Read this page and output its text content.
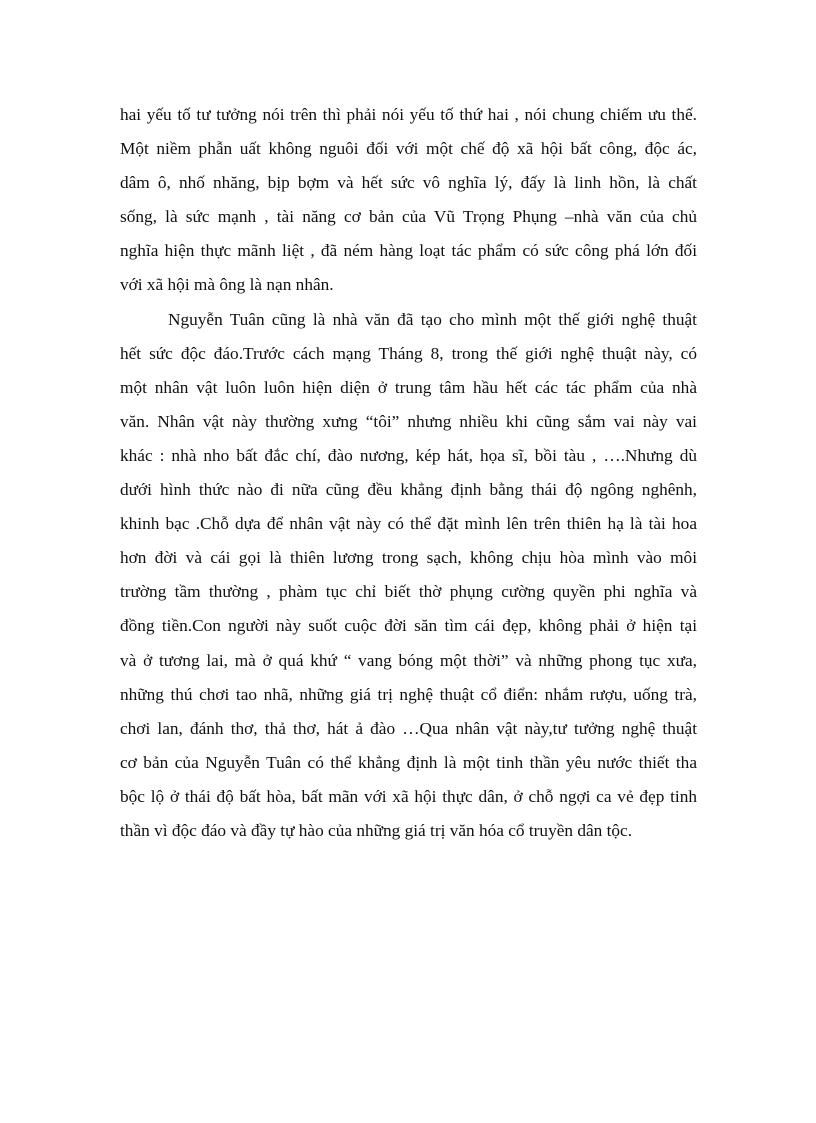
hai yếu tố tư tưởng nói trên thì phải nói yếu tố thứ hai , nói chung chiếm ưu thế.
Một niềm phẫn uất không nguôi đối với một chế độ xã hội bất công, độc ác,
dâm ô, nhố nhăng, bịp bợm và hết sức vô nghĩa lý, đấy là linh hồn, là chất
sống, là sức mạnh , tài năng cơ bản của Vũ Trọng Phụng –nhà văn của chủ
nghĩa hiện thực mãnh liệt , đã ném hàng loạt tác phẩm có sức công phá lớn đối
với xã hội mà ông là nạn nhân.
Nguyễn Tuân cũng là nhà văn đã tạo cho mình một thế giới nghệ thuật
hết sức độc đáo.Trước cách mạng Tháng 8, trong thế giới nghệ thuật này, có
một nhân vật luôn luôn hiện diện ở trung tâm hầu hết các tác phẩm của nhà
văn. Nhân vật này thường xưng “tôi” nhưng nhiều khi cũng sắm vai này vai
khác : nhà nho bất đắc chí, đào nương, kép hát, họa sĩ, bồi tàu , ….Nhưng dù
dưới hình thức nào đi nữa cũng đều khẳng định bằng thái độ ngông nghênh,
khinh bạc .Chỗ dựa để nhân vật này có thể đặt mình lên trên thiên hạ là tài hoa
hơn đời và cái gọi là thiên lương trong sạch, không chịu hòa mình vào môi
trường tầm thường , phàm tục chỉ biết thờ phụng cường quyền phi nghĩa và
đồng tiền.Con người này suốt cuộc đời săn tìm cái đẹp, không phải ở hiện tại
và ở tương lai, mà ở quá khứ “ vang bóng một thời” và những phong tục xưa,
những thú chơi tao nhã, những giá trị nghệ thuật cổ điển: nhắm rượu, uống trà,
chơi lan, đánh thơ, thả thơ, hát ả đào …Qua nhân vật này,tư tưởng nghệ thuật
cơ bản của Nguyễn Tuân có thể khẳng định là một tinh thần yêu nước thiết tha
bộc lộ ở thái độ bất hòa, bất mãn với xã hội thực dân, ở chỗ ngợi ca vẻ đẹp tinh
thần vì độc đáo và đầy tự hào của những giá trị văn hóa cổ truyền dân tộc.
